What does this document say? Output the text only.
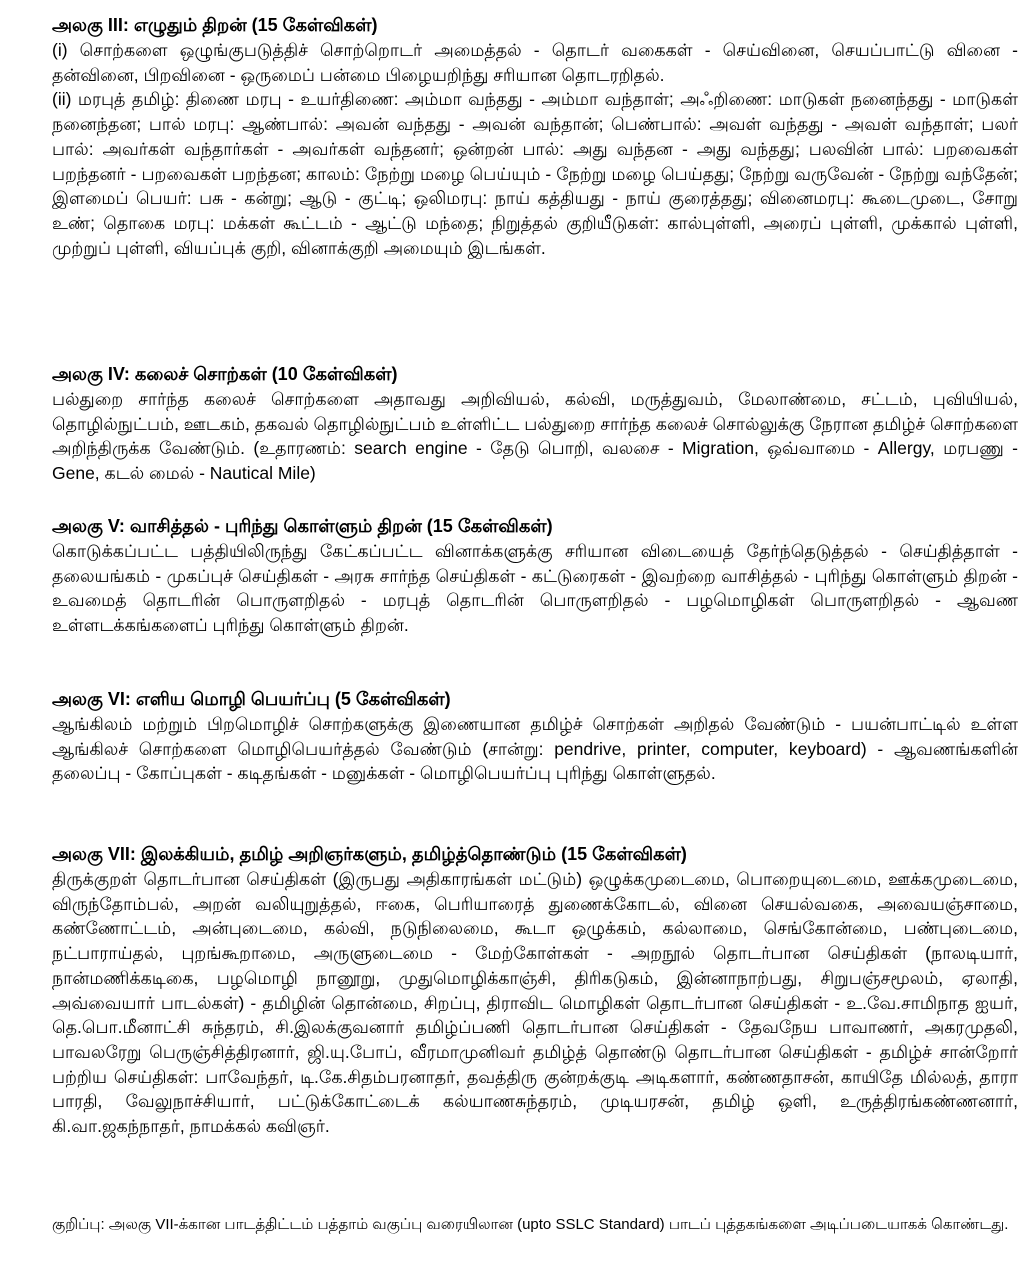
அலகு III: எழுதும் திறன் (15 கேள்விகள்)

(i) சொற்களை ஒழுங்குபடுத்திச் சொற்றொடர் அமைத்தல் - தொடர் வகைகள் - செய்வினை, செயப்பாட்டு வினை - தன்வினை, பிறவினை - ஒருமைப் பன்மை பிழையறிந்து சரியான தொடரறிதல்.

(ii) மரபுத் தமிழ்: திணை மரபு - உயர்திணை: அம்மா வந்தது - அம்மா வந்தாள்; அஃறிணை: மாடுகள் நனைந்தது - மாடுகள் நனைந்தன; பால் மரபு: ஆண்பால்: அவன் வந்தது - அவன் வந்தான்; பெண்பால்: அவள் வந்தது - அவள் வந்தாள்; பலர் பால்: அவர்கள் வந்தார்கள் - அவர்கள் வந்தனர்; ஒன்றன் பால்: அது வந்தன - அது வந்தது; பலவின் பால்: பறவைகள் பறந்தனர் - பறவைகள் பறந்தன; காலம்: நேற்று மழை பெய்யும் - நேற்று மழை பெய்தது; நேற்று வருவேன் - நேற்று வந்தேன்; இளமைப் பெயர்: பசு - கன்று; ஆடு - குட்டி; ஒலிமரபு: நாய் கத்தியது - நாய் குரைத்தது; வினைமரபு: கூடைமுடை, சோறு உண்; தொகை மரபு: மக்கள் கூட்டம் - ஆட்டு மந்தை; நிறுத்தல் குறியீடுகள்: கால்புள்ளி, அரைப் புள்ளி, முக்கால் புள்ளி, முற்றுப் புள்ளி, வியப்புக் குறி, வினாக்குறி அமையும் இடங்கள்.

அலகு IV: கலைச் சொற்கள் (10 கேள்விகள்)

பல்துறை சார்ந்த கலைச் சொற்களை அதாவது அறிவியல், கல்வி, மருத்துவம், மேலாண்மை, சட்டம், புவியியல், தொழில்நுட்பம், ஊடகம், தகவல் தொழில்நுட்பம் உள்ளிட்ட பல்துறை சார்ந்த கலைச் சொல்லுக்கு நேரான தமிழ்ச் சொற்களை அறிந்திருக்க வேண்டும். (உதாரணம்: search engine - தேடு பொறி, வலசை - Migration, ஒவ்வாமை - Allergy, மரபணு - Gene, கடல் மைல் - Nautical Mile)

அலகு V: வாசித்தல் - புரிந்து கொள்ளும் திறன் (15 கேள்விகள்)

கொடுக்கப்பட்ட பத்தியிலிருந்து கேட்கப்பட்ட வினாக்களுக்கு சரியான விடையைத் தேர்ந்தெடுத்தல் - செய்தித்தாள் - தலையங்கம் - முகப்புச் செய்திகள் - அரசு சார்ந்த செய்திகள் - கட்டுரைகள் - இவற்றை வாசித்தல் - புரிந்து கொள்ளும் திறன் - உவமைத் தொடரின் பொருளறிதல் - மரபுத் தொடரின் பொருளறிதல் - பழமொழிகள் பொருளறிதல் - ஆவண உள்ளடக்கங்களைப் புரிந்து கொள்ளும் திறன்.

அலகு VI: எளிய மொழி பெயர்ப்பு (5 கேள்விகள்)

ஆங்கிலம் மற்றும் பிறமொழிச் சொற்களுக்கு இணையான தமிழ்ச் சொற்கள் அறிதல் வேண்டும் - பயன்பாட்டில் உள்ள ஆங்கிலச் சொற்களை மொழிபெயர்த்தல் வேண்டும் (சான்று: pendrive, printer, computer, keyboard) - ஆவணங்களின் தலைப்பு - கோப்புகள் - கடிதங்கள் - மனுக்கள் - மொழிபெயர்ப்பு புரிந்து கொள்ளுதல்.

அலகு VII: இலக்கியம், தமிழ் அறிஞர்களும், தமிழ்த்தொண்டும் (15 கேள்விகள்)

திருக்குறள் தொடர்பான செய்திகள் (இருபது அதிகாரங்கள் மட்டும்) ஒழுக்கமுடைமை, பொறையுடைமை, ஊக்கமுடைமை, விருந்தோம்பல், அறன் வலியுறுத்தல், ஈகை, பெரியாரைத் துணைக்கோடல், வினை செயல்வகை, அவையஞ்சாமை, கண்ணோட்டம், அன்புடைமை, கல்வி, நடுநிலைமை, கூடா ஒழுக்கம், கல்லாமை, செங்கோன்மை, பண்புடைமை, நட்பாராய்தல், புறங்கூறாமை, அருளுடைமை - மேற்கோள்கள் - அறநூல் தொடர்பான செய்திகள் (நாலடியார், நான்மணிக்கடிகை, பழமொழி நானூறு, முதுமொழிக்காஞ்சி, திரிகடுகம், இன்னாநாற்பது, சிறுபஞ்சமூலம், ஏலாதி, அவ்வையார் பாடல்கள்) - தமிழின் தொன்மை, சிறப்பு, திராவிட மொழிகள் தொடர்பான செய்திகள் - உ.வே.சாமிநாத ஐயர், தெ.பொ.மீனாட்சி சுந்தரம், சி.இலக்குவனார் தமிழ்ப்பணி தொடர்பான செய்திகள் - தேவநேய பாவாணர், அகரமுதலி, பாவலரேறு பெருஞ்சித்திரனார், ஜி.யு.போப், வீரமாமுனிவர் தமிழ்த் தொண்டு தொடர்பான செய்திகள் - தமிழ்ச் சான்றோர் பற்றிய செய்திகள்: பாவேந்தர், டி.கே.சிதம்பரனாதர், தவத்திரு குன்றக்குடி அடிகளார், கண்ணதாசன், காயிதே மில்லத், தாரா பாரதி, வேலுநாச்சியார், பட்டுக்கோட்டைக் கல்யாணசுந்தரம், முடியரசன், தமிழ் ஒளி, உருத்திரங்கண்ணனார், கி.வா.ஜகந்நாதர், நாமக்கல் கவிஞர்.

குறிப்பு: அலகு VII-க்கான பாடத்திட்டம் பத்தாம் வகுப்பு வரையிலான (upto SSLC Standard) பாடப் புத்தகங்களை அடிப்படையாகக் கொண்டது.
